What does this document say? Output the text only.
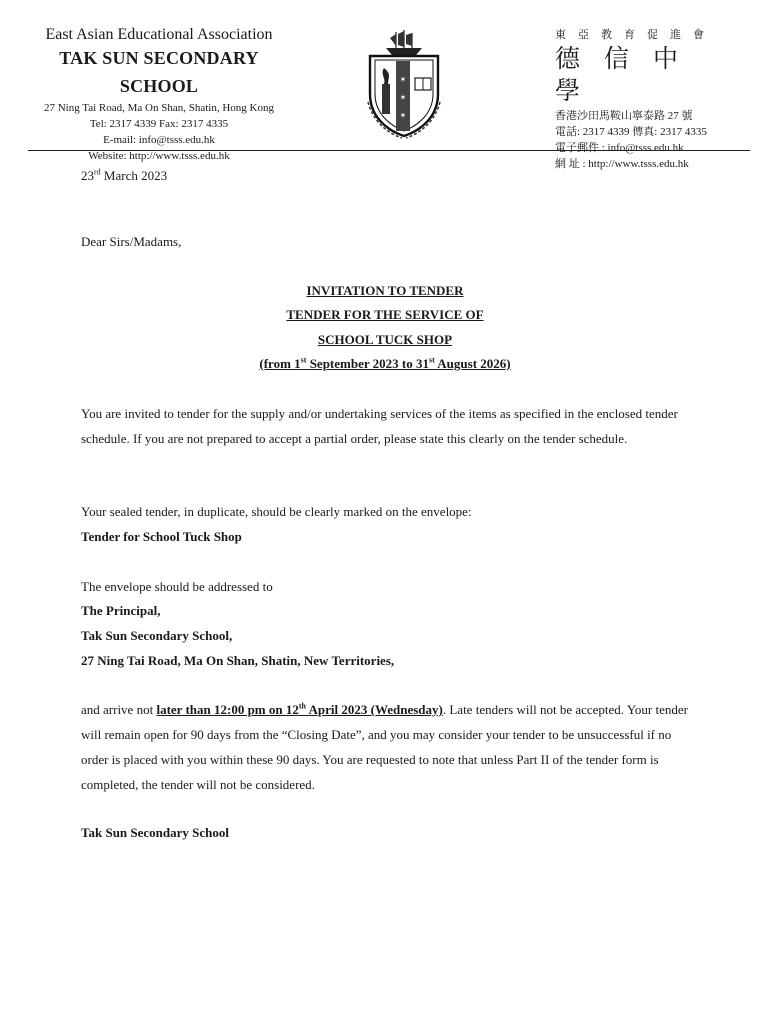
East Asian Educational Association
TAK SUN SECONDARY SCHOOL
27 Ning Tai Road, Ma On Shan, Shatin, Hong Kong
Tel: 2317 4339 Fax: 2317 4335
E-mail: info@tsss.edu.hk
Website: http://www.tsss.edu.hk
✶
✶
✶
東亞教育促進會
德信中學
香港沙田馬鞍山寧泰路 27 號
電話: 2317 4339 傳真: 2317 4335
電子郵件 : info@tsss.edu.hk
網 址 : http://www.tsss.edu.hk
23rd March 2023
Dear Sirs/Madams,
INVITATION TO TENDER
TENDER FOR THE SERVICE OF
SCHOOL TUCK SHOP
(from 1st September 2023 to 31st August 2026)
You are invited to tender for the supply and/or undertaking services of the items as specified in the enclosed tender schedule. If you are not prepared to accept a partial order, please state this clearly on the tender schedule.
Your sealed tender, in duplicate, should be clearly marked on the envelope:
Tender for School Tuck Shop
The envelope should be addressed to
The Principal,
Tak Sun Secondary School,
27 Ning Tai Road, Ma On Shan, Shatin, New Territories,
and arrive not later than 12:00 pm on 12th April 2023 (Wednesday). Late tenders will not be accepted. Your tender will remain open for 90 days from the “Closing Date”, and you may consider your tender to be unsuccessful if no order is placed with you within these 90 days. You are requested to note that unless Part II of the tender form is completed, the tender will not be considered.
Tak Sun Secondary School
